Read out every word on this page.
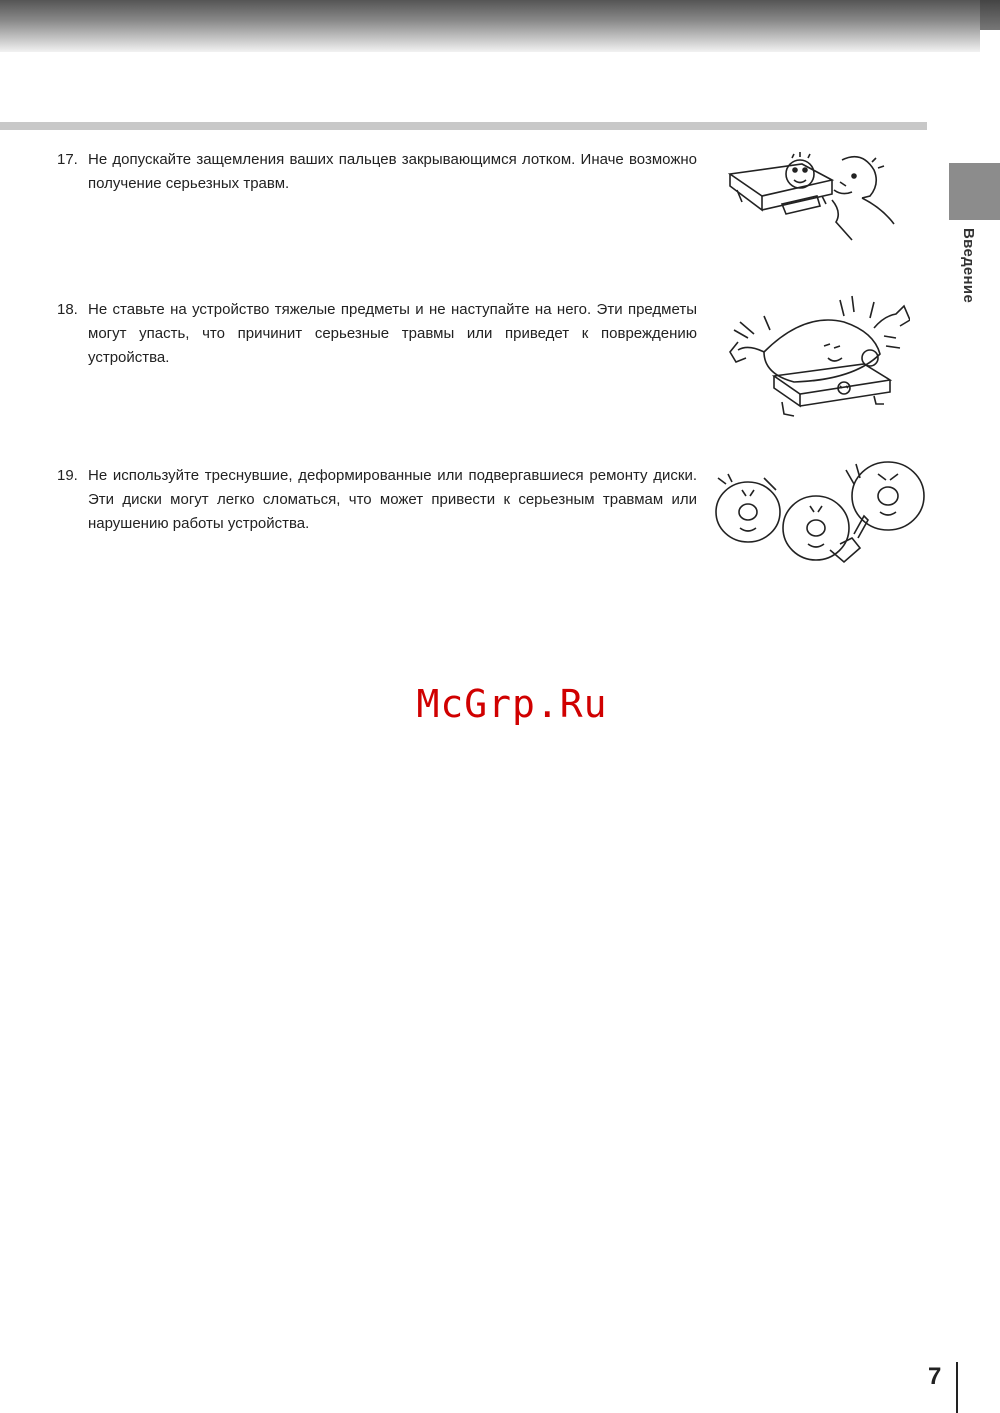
Введение
17. Не допускайте защемления ваших пальцев закрывающимся лотком. Иначе возможно получение серьезных травм.
18. Не ставьте на устройство тяжелые предметы и не наступайте на него. Эти предметы могут упасть, что причинит серьезные травмы или приведет к повреждению устройства.
19. Не используйте треснувшие, деформированные или подвергавшиеся ремонту диски. Эти диски могут легко сломаться, что может привести к серьезным травмам или нарушению работы устройства.
McGrp.Ru
7
